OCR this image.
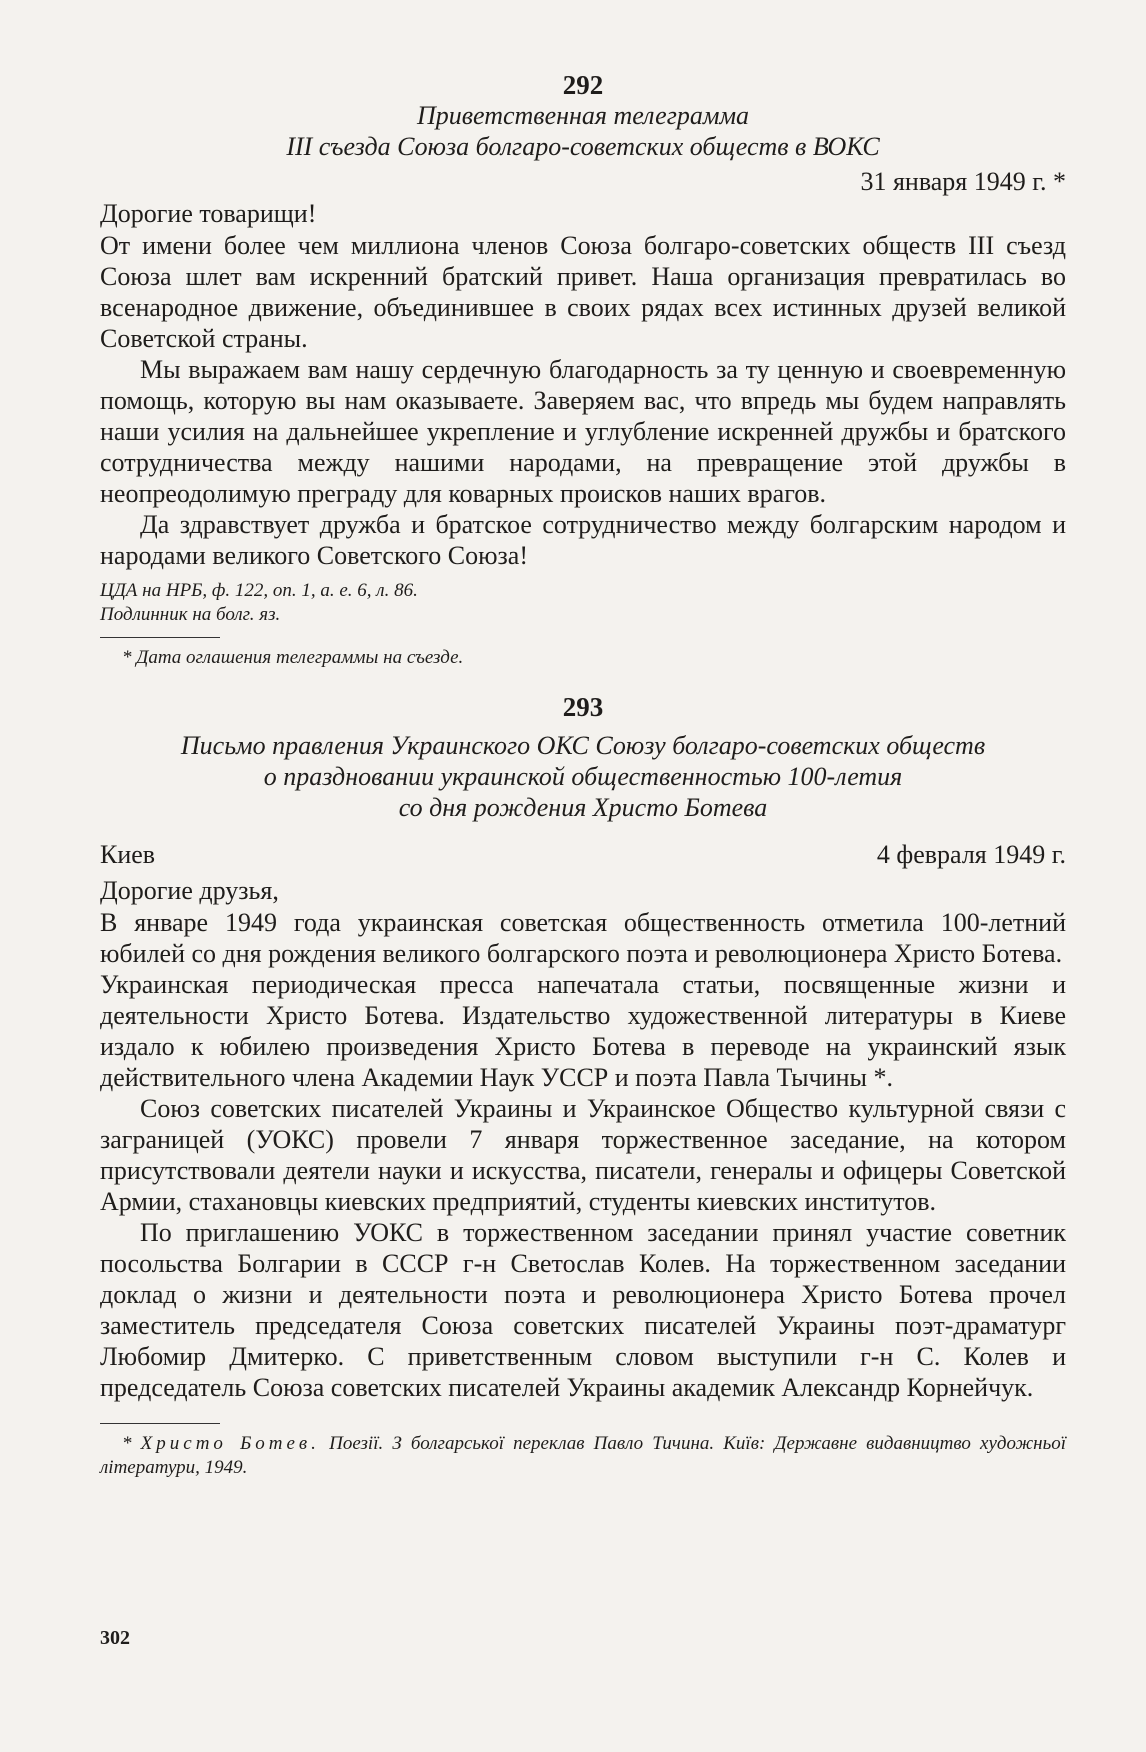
292

Приветственная телеграмма

III съезда Союза болгаро-советских обществ в ВОКС

31 января 1949 г. *

Дорогие товарищи!

От имени более чем миллиона членов Союза болгаро-советских обществ III съезд Союза шлет вам искренний братский привет. Наша организация превратилась во всенародное движение, объединившее в своих рядах всех истинных друзей великой Советской страны.

Мы выражаем вам нашу сердечную благодарность за ту ценную и своевременную помощь, которую вы нам оказываете. Заверяем вас, что впредь мы будем направлять наши усилия на дальнейшее укрепление и углубление искренней дружбы и братского сотрудничества между нашими народами, на превращение этой дружбы в неопреодолимую преграду для коварных происков наших врагов.

Да здравствует дружба и братское сотрудничество между болгарским народом и народами великого Советского Союза!

ЦДА на НРБ, ф. 122, оп. 1, а. е. 6, л. 86.

Подлинник на болг. яз.

* Дата оглашения телеграммы на съезде.

293

Письмо правления Украинского ОКС Союзу болгаро-советских обществ

о праздновании украинской общественностью 100-летия

со дня рождения Христо Ботева

Киев	4 февраля 1949 г.

Дорогие друзья,

В январе 1949 года украинская советская общественность отметила 100-летний юбилей со дня рождения великого болгарского поэта и революционера Христо Ботева.

Украинская периодическая пресса напечатала статьи, посвященные жизни и деятельности Христо Ботева. Издательство художественной литературы в Киеве издало к юбилею произведения Христо Ботева в переводе на украинский язык действительного члена Академии Наук УССР и поэта Павла Тычины *.

Союз советских писателей Украины и Украинское Общество культурной связи с заграницей (УОКС) провели 7 января торжественное заседание, на котором присутствовали деятели науки и искусства, писатели, генералы и офицеры Советской Армии, стахановцы киевских предприятий, студенты киевских институтов.

По приглашению УОКС в торжественном заседании принял участие советник посольства Болгарии в СССР г-н Светослав Колев. На торжественном заседании доклад о жизни и деятельности поэта и революционера Христо Ботева прочел заместитель председателя Союза советских писателей Украины поэт-драматург Любомир Дмитерко. С приветственным словом выступили г-н С. Колев и председатель Союза советских писателей Украины академик Александр Корнейчук.

* Христо Ботев. Поезії. З болгарської переклав Павло Тичина. Київ: Державне видавництво художньої літератури, 1949.

302
